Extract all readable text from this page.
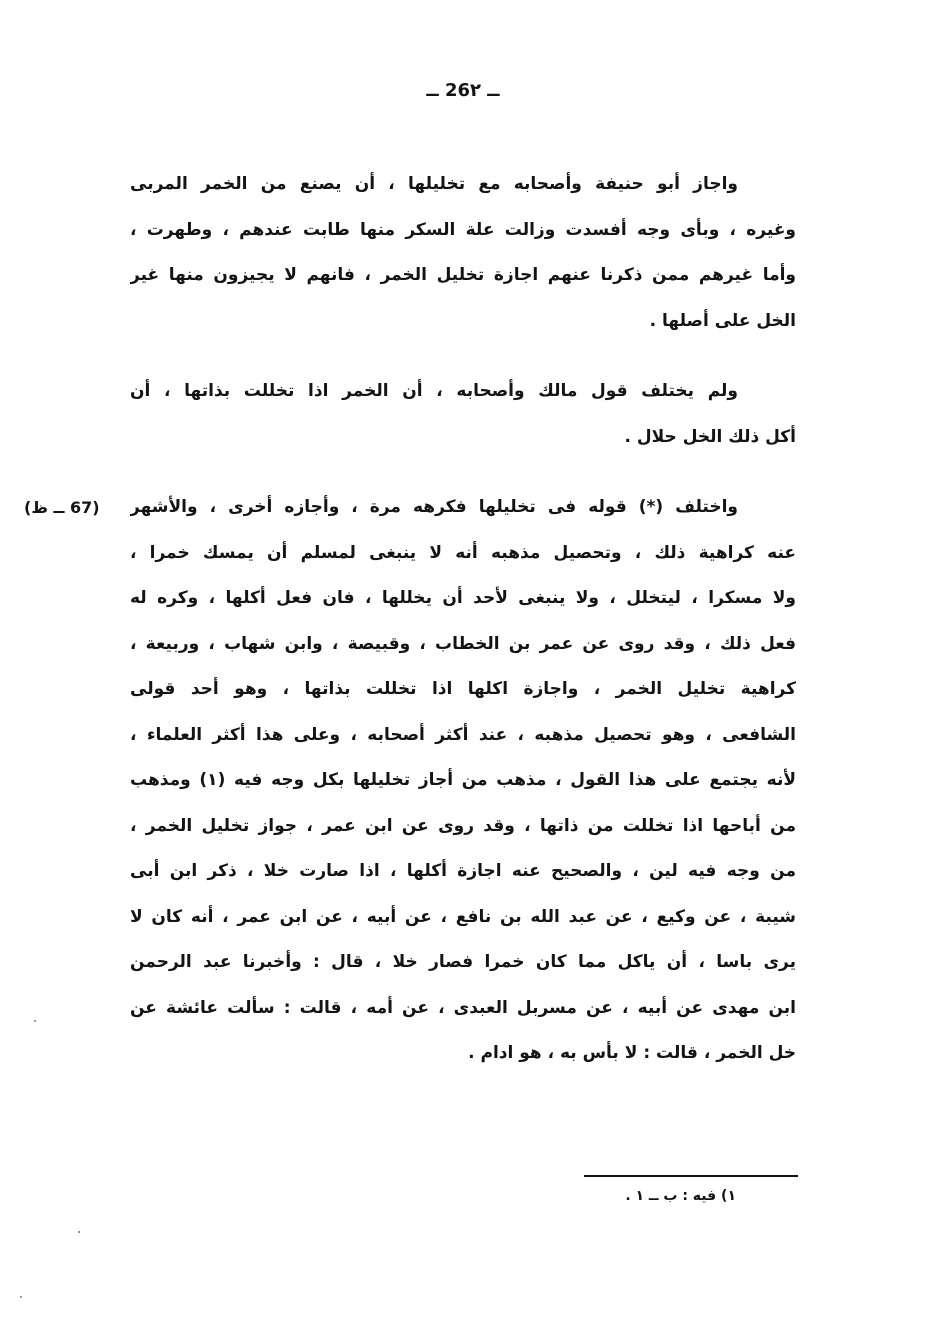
ــ 26٢ ــ
واجاز أبو حنيفة وأصحابه مع تخليلها ، أن يصنع من الخمر المربى
وغيره ، وبأى وجه أفسدت وزالت علة السكر منها طابت عندهم ، وطهرت ،
وأما غيرهم ممن ذكرنا عنهم اجازة تخليل الخمر ، فانهم لا يجيزون منها غير
الخل على أصلها .
ولم يختلف قول مالك وأصحابه ، أن الخمر اذا تخللت بذاتها ، أن
أكل ذلك الخل حلال .
(67 ــ ظ) واختلف (*) قوله فى تخليلها فكرهه مرة ، وأجازه أخرى ، والأشهر
عنه كراهية ذلك ، وتحصيل مذهبه أنه لا ينبغى لمسلم أن يمسك خمرا ،
ولا مسكرا ، ليتخلل ، ولا ينبغى لأحد أن يخللها ، فان فعل أكلها ، وكره له
فعل ذلك ، وقد روى عن عمر بن الخطاب ، وقبيصة ، وابن شهاب ، وربيعة ،
كراهية تخليل الخمر ، واجازة اكلها اذا تخللت بذاتها ، وهو أحد قولى
الشافعى ، وهو تحصيل مذهبه ، عند أكثر أصحابه ، وعلى هذا أكثر العلماء ،
لأنه يجتمع على هذا القول ، مذهب من أجاز تخليلها بكل وجه فيه (١) ومذهب
من أباحها اذا تخللت من ذاتها ، وقد روى عن ابن عمر ، جواز تخليل الخمر ،
من وجه فيه لين ، والصحيح عنه اجازة أكلها ، اذا صارت خلا ، ذكر ابن أبى
شيبة ، عن وكيع ، عن عبد الله بن نافع ، عن أبيه ، عن ابن عمر ، أنه كان لا
يرى باسا ، أن ياكل مما كان خمرا فصار خلا ، قال : وأخبرنا عبد الرحمن
ابن مهدى عن أبيه ، عن مسربل العبدى ، عن أمه ، قالت : سألت عائشة عن
خل الخمر ، قالت : لا بأس به ، هو ادام .
١) فيه : ب ــ ١ .
